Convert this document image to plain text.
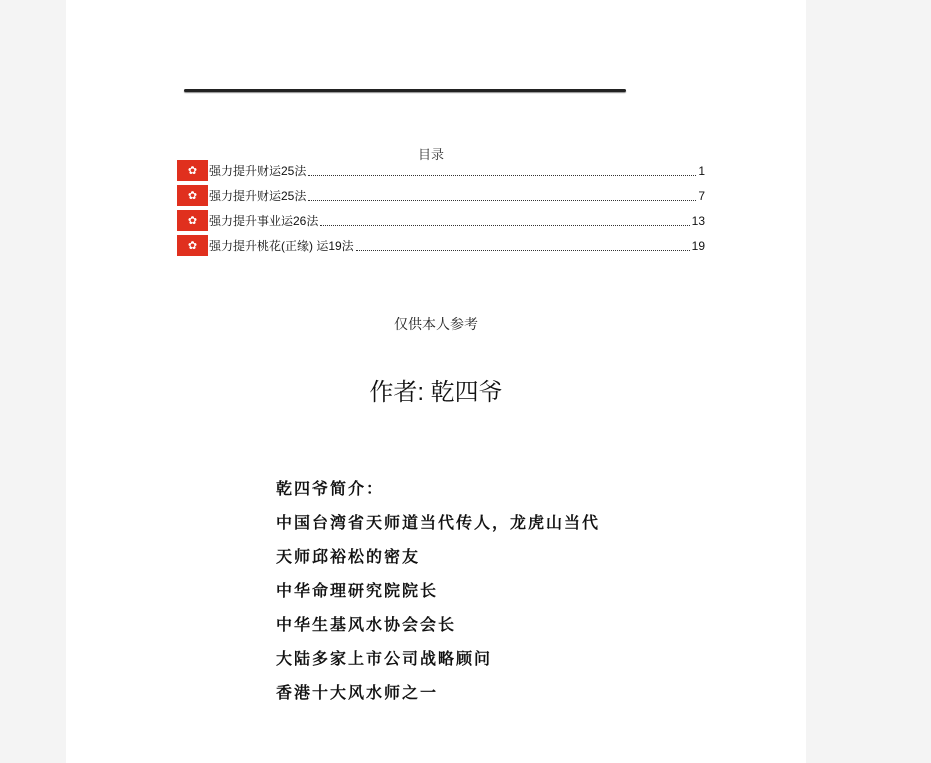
目录
✿ 强力提升财运25法	1
✿ 强力提升财运25法	7
✿ 强力提升事业运26法	13
✿ 强力提升桃花(正缘) 运19法	19
仅供本人参考
作者: 乾四爷
乾四爷简介：
中国台湾省天师道当代传人，龙虎山当代
天师邱裕松的密友
中华命理研究院院长
中华生基风水协会会长
大陆多家上市公司战略顾问
香港十大风水师之一
